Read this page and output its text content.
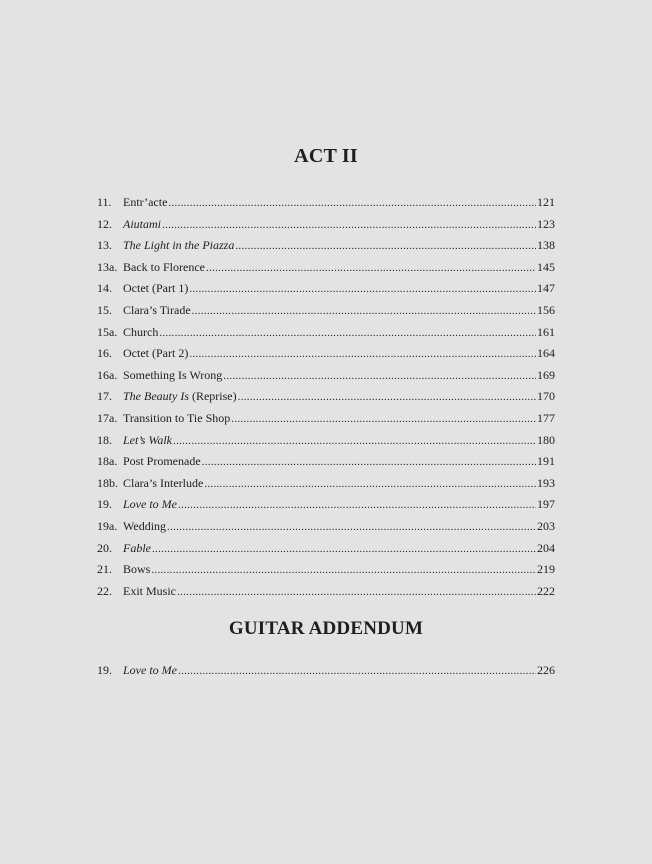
ACT II
11. Entr’acte .....	121
12. Aiutami .....	123
13. The Light in the Piazza .....	138
13a. Back to Florence .....	145
14. Octet (Part 1) .....	147
15. Clara’s Tirade .....	156
15a. Church .....	161
16. Octet (Part 2) .....	164
16a. Something Is Wrong .....	169
17. The Beauty Is (Reprise) .....	170
17a. Transition to Tie Shop .....	177
18. Let’s Walk .....	180
18a. Post Promenade .....	191
18b. Clara’s Interlude .....	193
19. Love to Me .....	197
19a. Wedding .....	203
20. Fable .....	204
21. Bows .....	219
22. Exit Music .....	222
GUITAR ADDENDUM
19. Love to Me .....	226
